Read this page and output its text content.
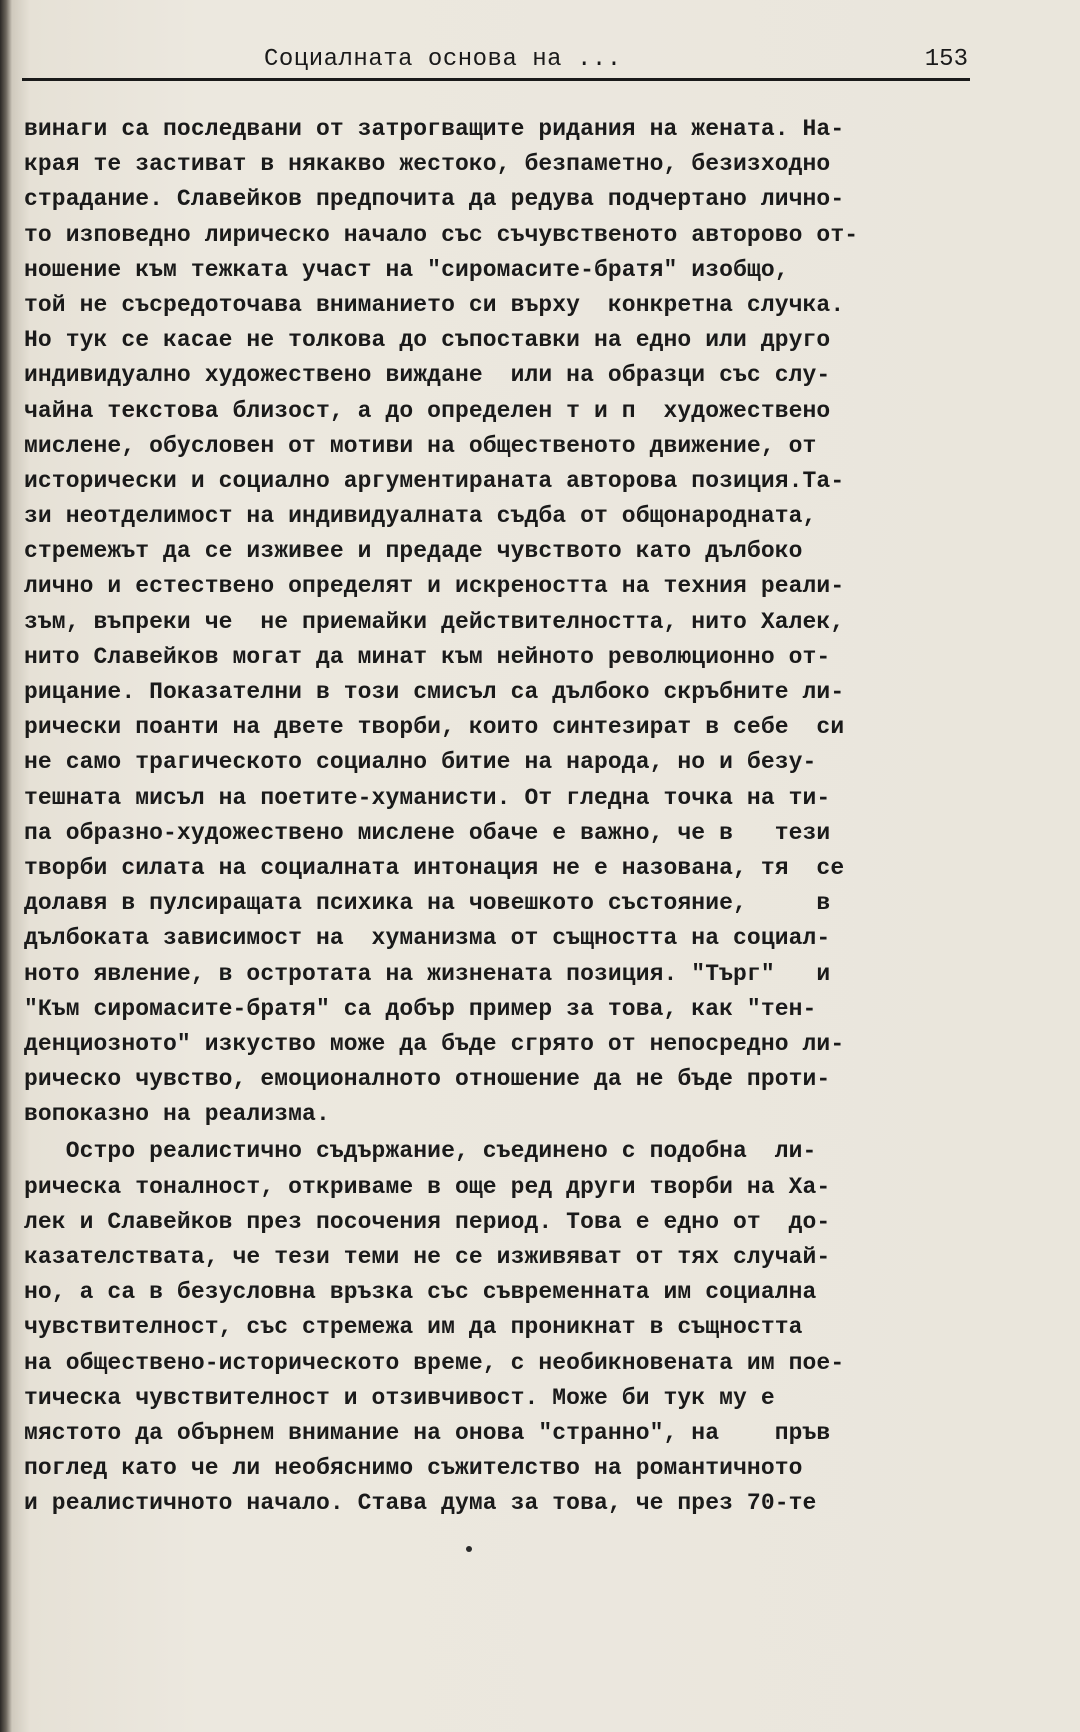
Социалната основа на ...	153
винаги са последвани от затрогващите ридания на жената. На-
края те застиват в някакво жестоко, безпаметно, безизходно
страдание. Славейков предпочита да редува подчертано лично-
то изповедно лирическо начало със съчувственото авторово от-
ношение към тежката участ на "сиромасите-братя" изобщо,
той не съсредоточава вниманието си върху  конкретна случка.
Но тук се касае не толкова до съпоставки на едно или друго
индивидуално художествено виждане  или на образци със слу-
чайна текстова близост, а до определен т и п  художествено
мислене, обусловен от мотиви на общественото движение, от
исторически и социално аргументираната авторова позиция.Та-
зи неотделимост на индивидуалната съдба от общонародната,
стремежът да се изживее и предаде чувството като дълбоко
лично и естествено определят и искреността на техния реали-
зъм, въпреки че  не приемайки действителността, нито Халек,
нито Славейков могат да минат към нейното революционно от-
рицание. Показателни в този смисъл са дълбоко скръбните ли-
рически поанти на двете творби, които синтезират в себе  си
не само трагическото социално битие на народа, но и безу-
тешната мисъл на поетите-хуманисти. От гледна точка на ти-
па образно-художествено мислене обаче е важно, че в   тези
творби силата на социалната интонация не е назована, тя  се
долавя в пулсиращата психика на човешкото състояние,     в
дълбоката зависимост на  хуманизма от същността на социал-
ното явление, в остротата на жизнената позиция. "Търг"   и
"Към сиромасите-братя" са добър пример за това, как "тен-
денциозното" изкуство може да бъде сгрято от непосредно ли-
рическо чувство, емоционалното отношение да не бъде проти-
вопоказно на реализма.
Остро реалистично съдържание, съединено с подобна  ли-
рическа тоналност, откриваме в още ред други творби на Ха-
лек и Славейков през посочения период. Това е едно от  до-
казателствата, че тези теми не се изживяват от тях случай-
но, а са в безусловна връзка със съвременната им социална
чувствителност, със стремежа им да проникнат в същността
на обществено-историческото време, с необикновената им пое-
тическа чувствителност и отзивчивост. Може би тук му е
мястото да обърнем внимание на онова "странно", на    пръв
поглед като че ли необяснимо съжителство на романтичното
и реалистичното начало. Става дума за това, че през 70-те
